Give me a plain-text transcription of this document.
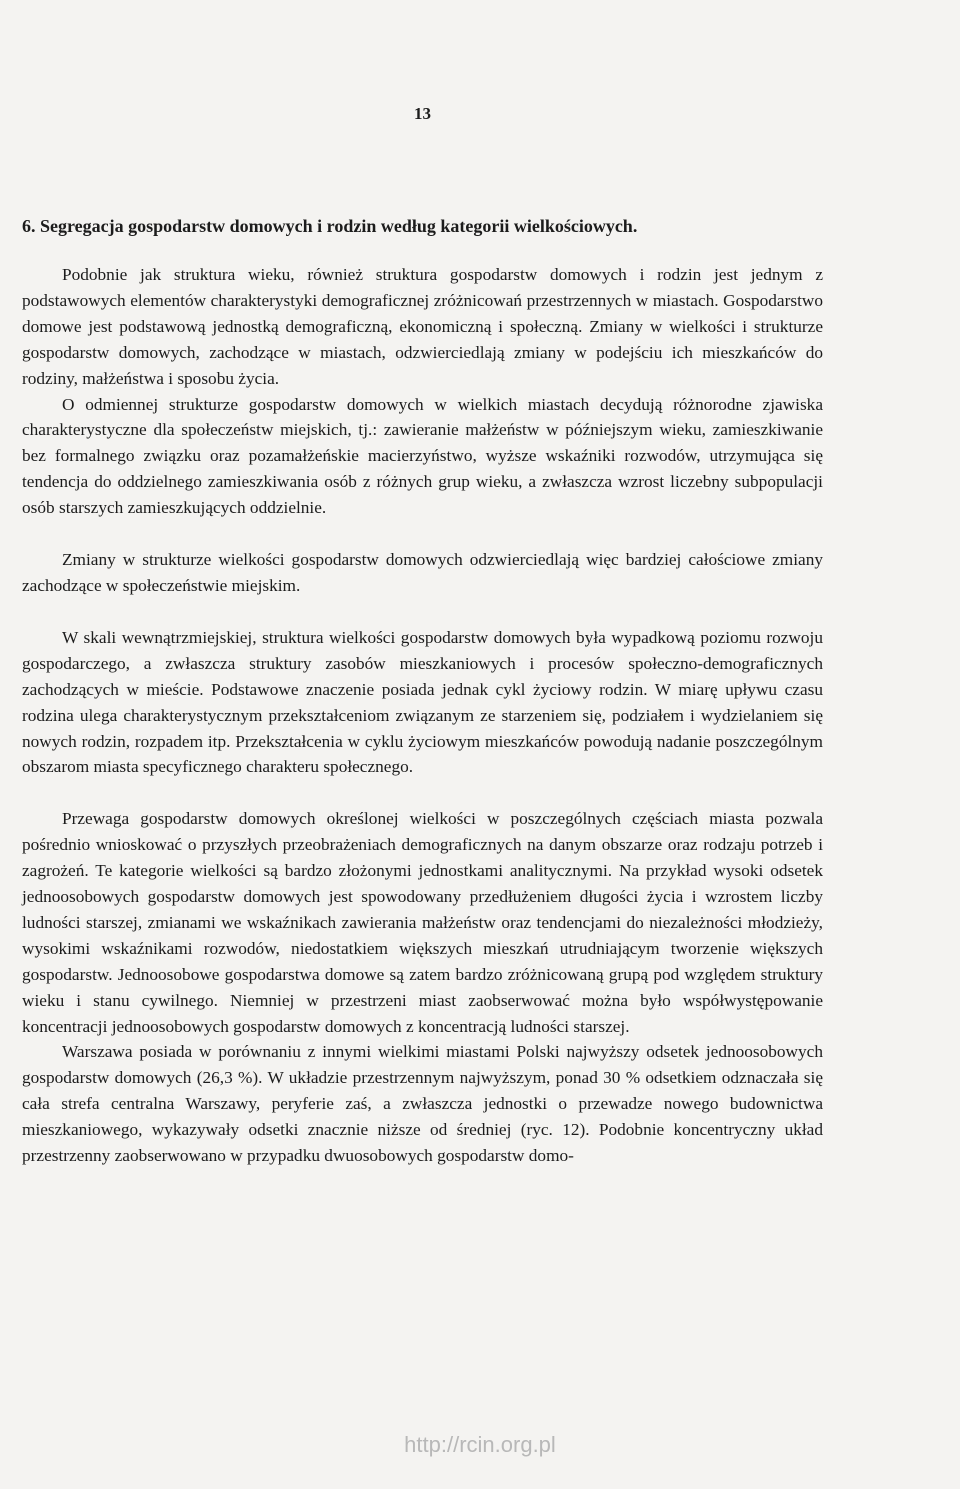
13
6. Segregacja gospodarstw domowych i rodzin według kategorii wielkościowych.

Podobnie jak struktura wieku, również struktura gospodarstw domowych i rodzin jest jednym z podstawowych elementów charakterystyki demograficznej zróżnicowań przestrzennych w miastach. Gospodarstwo domowe jest podstawową jednostką demograficzną, ekonomiczną i społeczną. Zmiany w wielkości i strukturze gospodarstw domowych, zachodzące w miastach, odzwierciedlają zmiany w podejściu ich mieszkańców do rodziny, małżeństwa i sposobu życia.

O odmiennej strukturze gospodarstw domowych w wielkich miastach decydują różnorodne zjawiska charakterystyczne dla społeczeństw miejskich, tj.: zawieranie małżeństw w późniejszym wieku, zamieszkiwanie bez formalnego związku oraz pozamałżeńskie macierzyństwo, wyższe wskaźniki rozwodów, utrzymująca się tendencja do oddzielnego zamieszkiwania osób z różnych grup wieku, a zwłaszcza wzrost liczebny subpopulacji osób starszych zamieszkujących oddzielnie.

Zmiany w strukturze wielkości gospodarstw domowych odzwierciedlają więc bardziej całościowe zmiany zachodzące w społeczeństwie miejskim.

W skali wewnątrzmiejskiej, struktura wielkości gospodarstw domowych była wypadkową poziomu rozwoju gospodarczego, a zwłaszcza struktury zasobów mieszkaniowych i procesów społeczno-demograficznych zachodzących w mieście. Podstawowe znaczenie posiada jednak cykl życiowy rodzin. W miarę upływu czasu rodzina ulega charakterystycznym przekształceniom związanym ze starzeniem się, podziałem i wydzielaniem się nowych rodzin, rozpadem itp. Przekształcenia w cyklu życiowym mieszkańców powodują nadanie poszczególnym obszarom miasta specyficznego charakteru społecznego.

Przewaga gospodarstw domowych określonej wielkości w poszczególnych częściach miasta pozwala pośrednio wnioskować o przyszłych przeobrażeniach demograficznych na danym obszarze oraz rodzaju potrzeb i zagrożeń. Te kategorie wielkości są bardzo złożonymi jednostkami analitycznymi. Na przykład wysoki odsetek jednoosobowych gospodarstw domowych jest spowodowany przedłużeniem długości życia i wzrostem liczby ludności starszej, zmianami we wskaźnikach zawierania małżeństw oraz tendencjami do niezależności młodzieży, wysokimi wskaźnikami rozwodów, niedostatkiem większych mieszkań utrudniającym tworzenie większych gospodarstw. Jednoosobowe gospodarstwa domowe są zatem bardzo zróżnicowaną grupą pod względem struktury wieku i stanu cywilnego. Niemniej w przestrzeni miast zaobserwować można było współwystępowanie koncentracji jednoosobowych gospodarstw domowych z koncentracją ludności starszej.

Warszawa posiada w porównaniu z innymi wielkimi miastami Polski najwyższy odsetek jednoosobowych gospodarstw domowych (26,3 %). W układzie przestrzennym najwyższym, ponad 30 % odsetkiem odznaczała się cała strefa centralna Warszawy, peryferie zaś, a zwłaszcza jednostki o przewadze nowego budownictwa mieszkaniowego, wykazywały odsetki znacznie niższe od średniej (ryc. 12). Podobnie koncentryczny układ przestrzenny zaobserwowano w przypadku dwuosobowych gospodarstw domo-

http://rcin.org.pl
